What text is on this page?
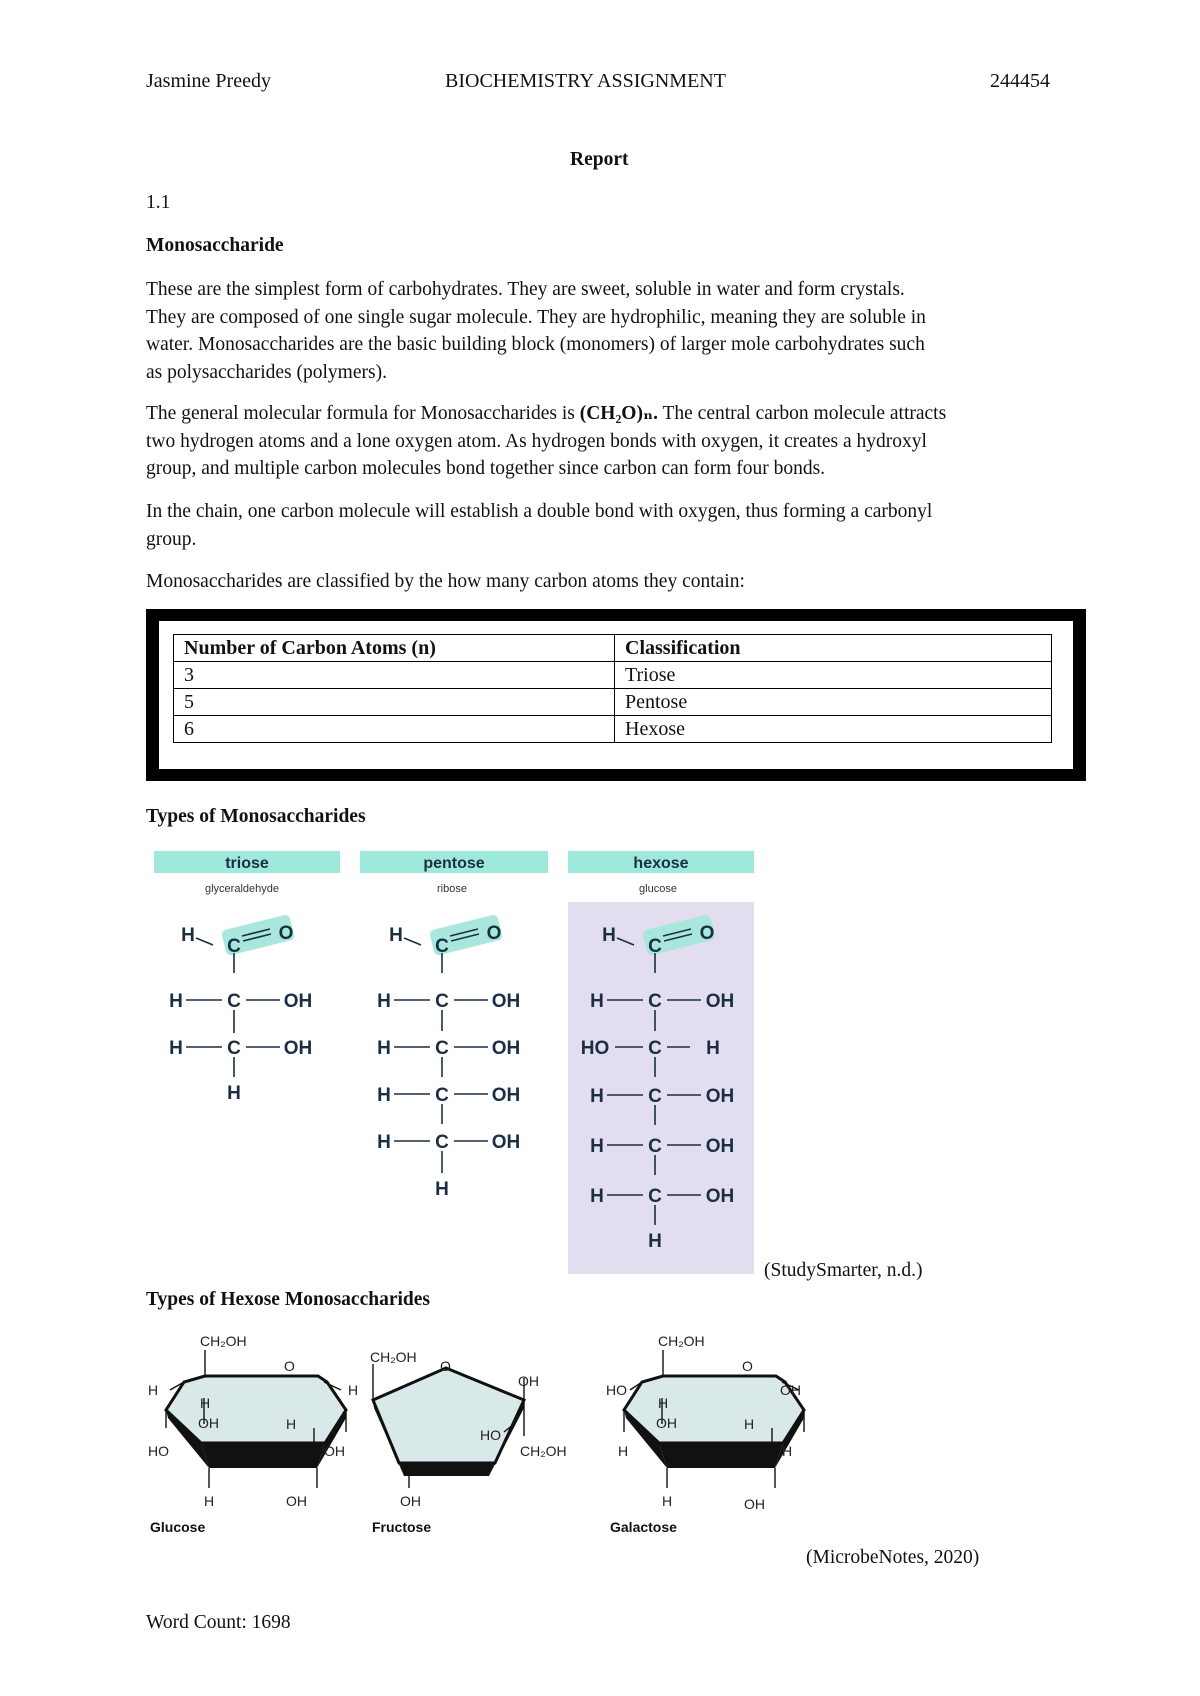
Jasmine Preedy	BIOCHEMISTRY ASSIGNMENT	244454
Report
1.1
Monosaccharide
These are the simplest form of carbohydrates. They are sweet, soluble in water and form crystals.
They are composed of one single sugar molecule. They are hydrophilic, meaning they are soluble in
water. Monosaccharides are the basic building block (monomers) of larger mole carbohydrates such
as polysaccharides (polymers).
The general molecular formula for Monosaccharides is (CH₂O)ₙ. The central carbon molecule attracts
two hydrogen atoms and a lone oxygen atom. As hydrogen bonds with oxygen, it creates a hydroxyl
group, and multiple carbon molecules bond together since carbon can form four bonds.
In the chain, one carbon molecule will establish a double bond with oxygen, thus forming a carbonyl
group.
Monosaccharides are classified by the how many carbon atoms they contain:
Number of Carbon Atoms (n)	Classification
3	Triose
5	Pentose
6	Hexose
Types of Monosaccharides
triose	pentose	hexose
glyceraldehyde	ribose	glucose
H
C
O
H C OH
H C OH
H
H
C
O
H C OH
H C OH
H C OH
H C OH
H
H
C
O
H C OH
HO C H
H C OH
H C OH
H C OH
H
(StudySmarter, n.d.)
Types of Hexose Monosaccharides
CH₂OH
O
H
H
OH
HO
H
H
OH
H	OH
Glucose
CH₂OH
O
OH
HO
CH₂OH
OH
Fructose
CH₂OH
O
HO
H
OH
H
OH
H
H
H	OH
Galactose
(MicrobeNotes, 2020)
Word Count: 1698
